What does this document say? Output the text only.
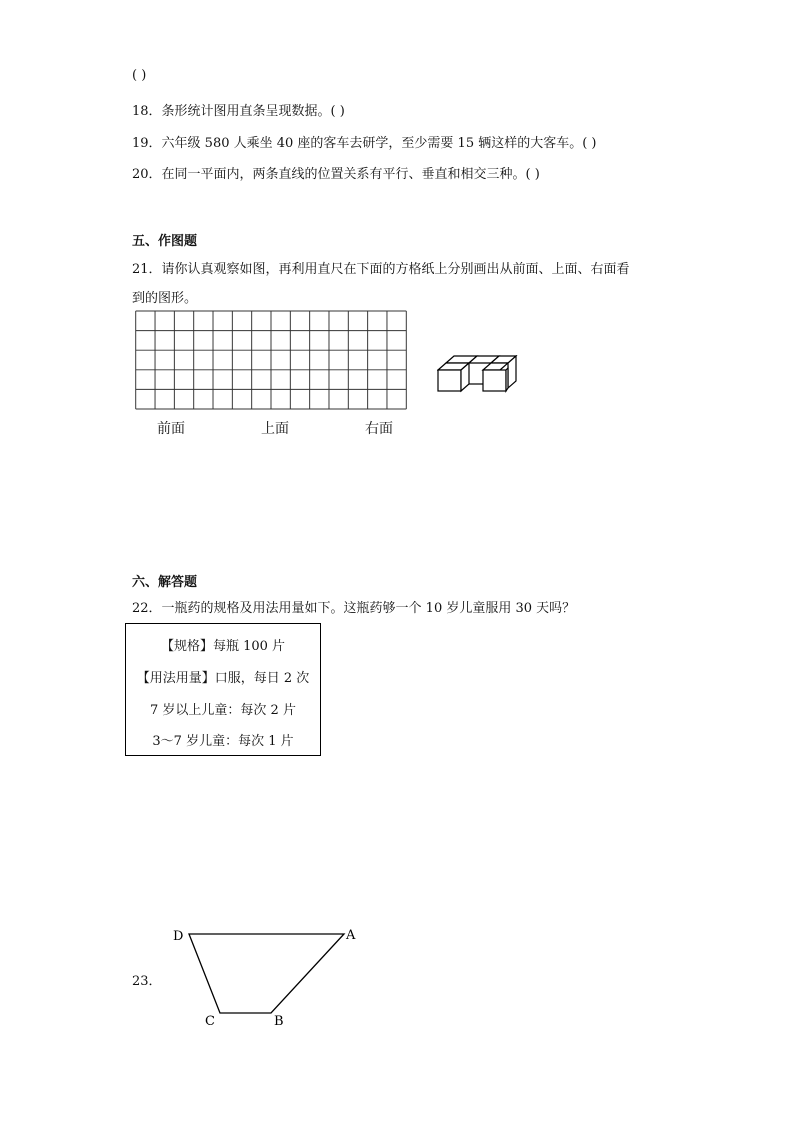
( )
18．条形统计图用直条呈现数据。( )
19．六年级 580 人乘坐 40 座的客车去研学，至少需要 15 辆这样的大客车。( )
20．在同一平面内，两条直线的位置关系有平行、垂直和相交三种。( )
五、作图题
21．请你认真观察如图，再利用直尺在下面的方格纸上分别画出从前面、上面、右面看
到的图形。
前面	上面	右面
六、解答题
22．一瓶药的规格及用法用量如下。这瓶药够一个 10 岁儿童服用 30 天吗？
【规格】每瓶 100 片
【用法用量】口服，每日 2 次
7 岁以上儿童：每次 2 片
3～7 岁儿童：每次 1 片
23．
D	A
C	B
